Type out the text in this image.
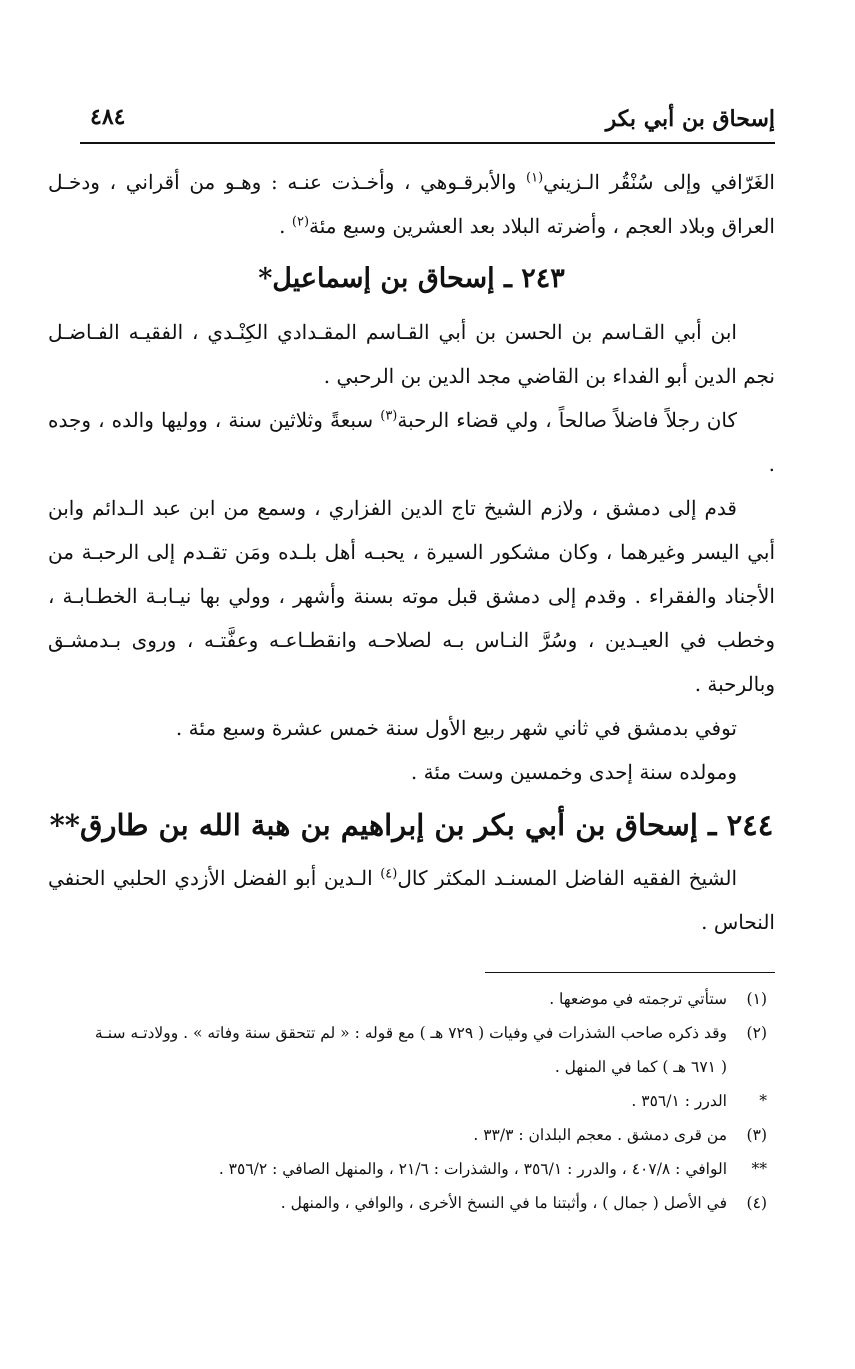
إسحاق بن أبي بكر
٤٨٤

الغَرّافي وإلى سُنْقُر الـزيني$^{(١)}$ والأبرقـوهي ، وأخـذت عنـه : وهـو من أقراني ، ودخـل العراق وبلاد العجم ، وأضرته البلاد بعد العشرين وسبع مئة$^{(٢)}$ .

٢٤٣ ـ إسحاق بن إسماعيل*

ابن أبي القـاسم بن الحسن بن أبي القـاسم المقـدادي الكِنْـدي ، الفقيـه الفـاضـل نجم الدين أبو الفداء بن القاضي مجد الدين بن الرحبي .

كان رجلاً فاضلاً صالحاً ، ولي قضاء الرحبة$^{(٣)}$ سبعةً وثلاثين سنة ، ووليها والده ، وجده .

قدم إلى دمشق ، ولازم الشيخ تاج الدين الفزاري ، وسمع من ابن عبد الـدائم وابن أبي اليسر وغيرهما ، وكان مشكور السيرة ، يحبـه أهل بلـده ومَن تقـدم إلى الرحبـة من الأجناد والفقراء . وقدم إلى دمشق قبل موته بسنة وأشهر ، وولي بها نيـابـة الخطـابـة ، وخطب في العيـدين ، وسُرَّ النـاس بـه لصلاحـه وانقطـاعـه وعفَّتـه ، وروى بـدمشـق وبالرحبة .

توفي بدمشق في ثاني شهر ربيع الأول سنة خمس عشرة وسبع مئة .

ومولده سنة إحدى وخمسين وست مئة .

٢٤٤ ـ إسحاق بن أبي بكر بن إبراهيم بن هبة الله بن طارق**

الشيخ الفقيه الفاضل المسنـد المكثر كال$^{(٤)}$ الـدين أبو الفضل الأزدي الحلبي الحنفي النحاس .

(١)
ستأتي ترجمته في موضعها .
(٢)
وقد ذكره صاحب الشذرات في وفيات ( ٧٢٩ هـ ) مع قوله : « لم تتحقق سنة وفاته » . وولادتـه سنـة
( ٦٧١ هـ ) كما في المنهل .
*
الدرر : ٣٥٦/١ .
(٣)
من قرى دمشق . معجم البلدان : ٣٣/٣ .
**
الوافي : ٤٠٧/٨ ، والدرر : ٣٥٦/١ ، والشذرات : ٢١/٦ ، والمنهل الصافي : ٣٥٦/٢ .
(٤)
في الأصل ( جمال ) ، وأثبتنا ما في النسخ الأخرى ، والوافي ، والمنهل .
